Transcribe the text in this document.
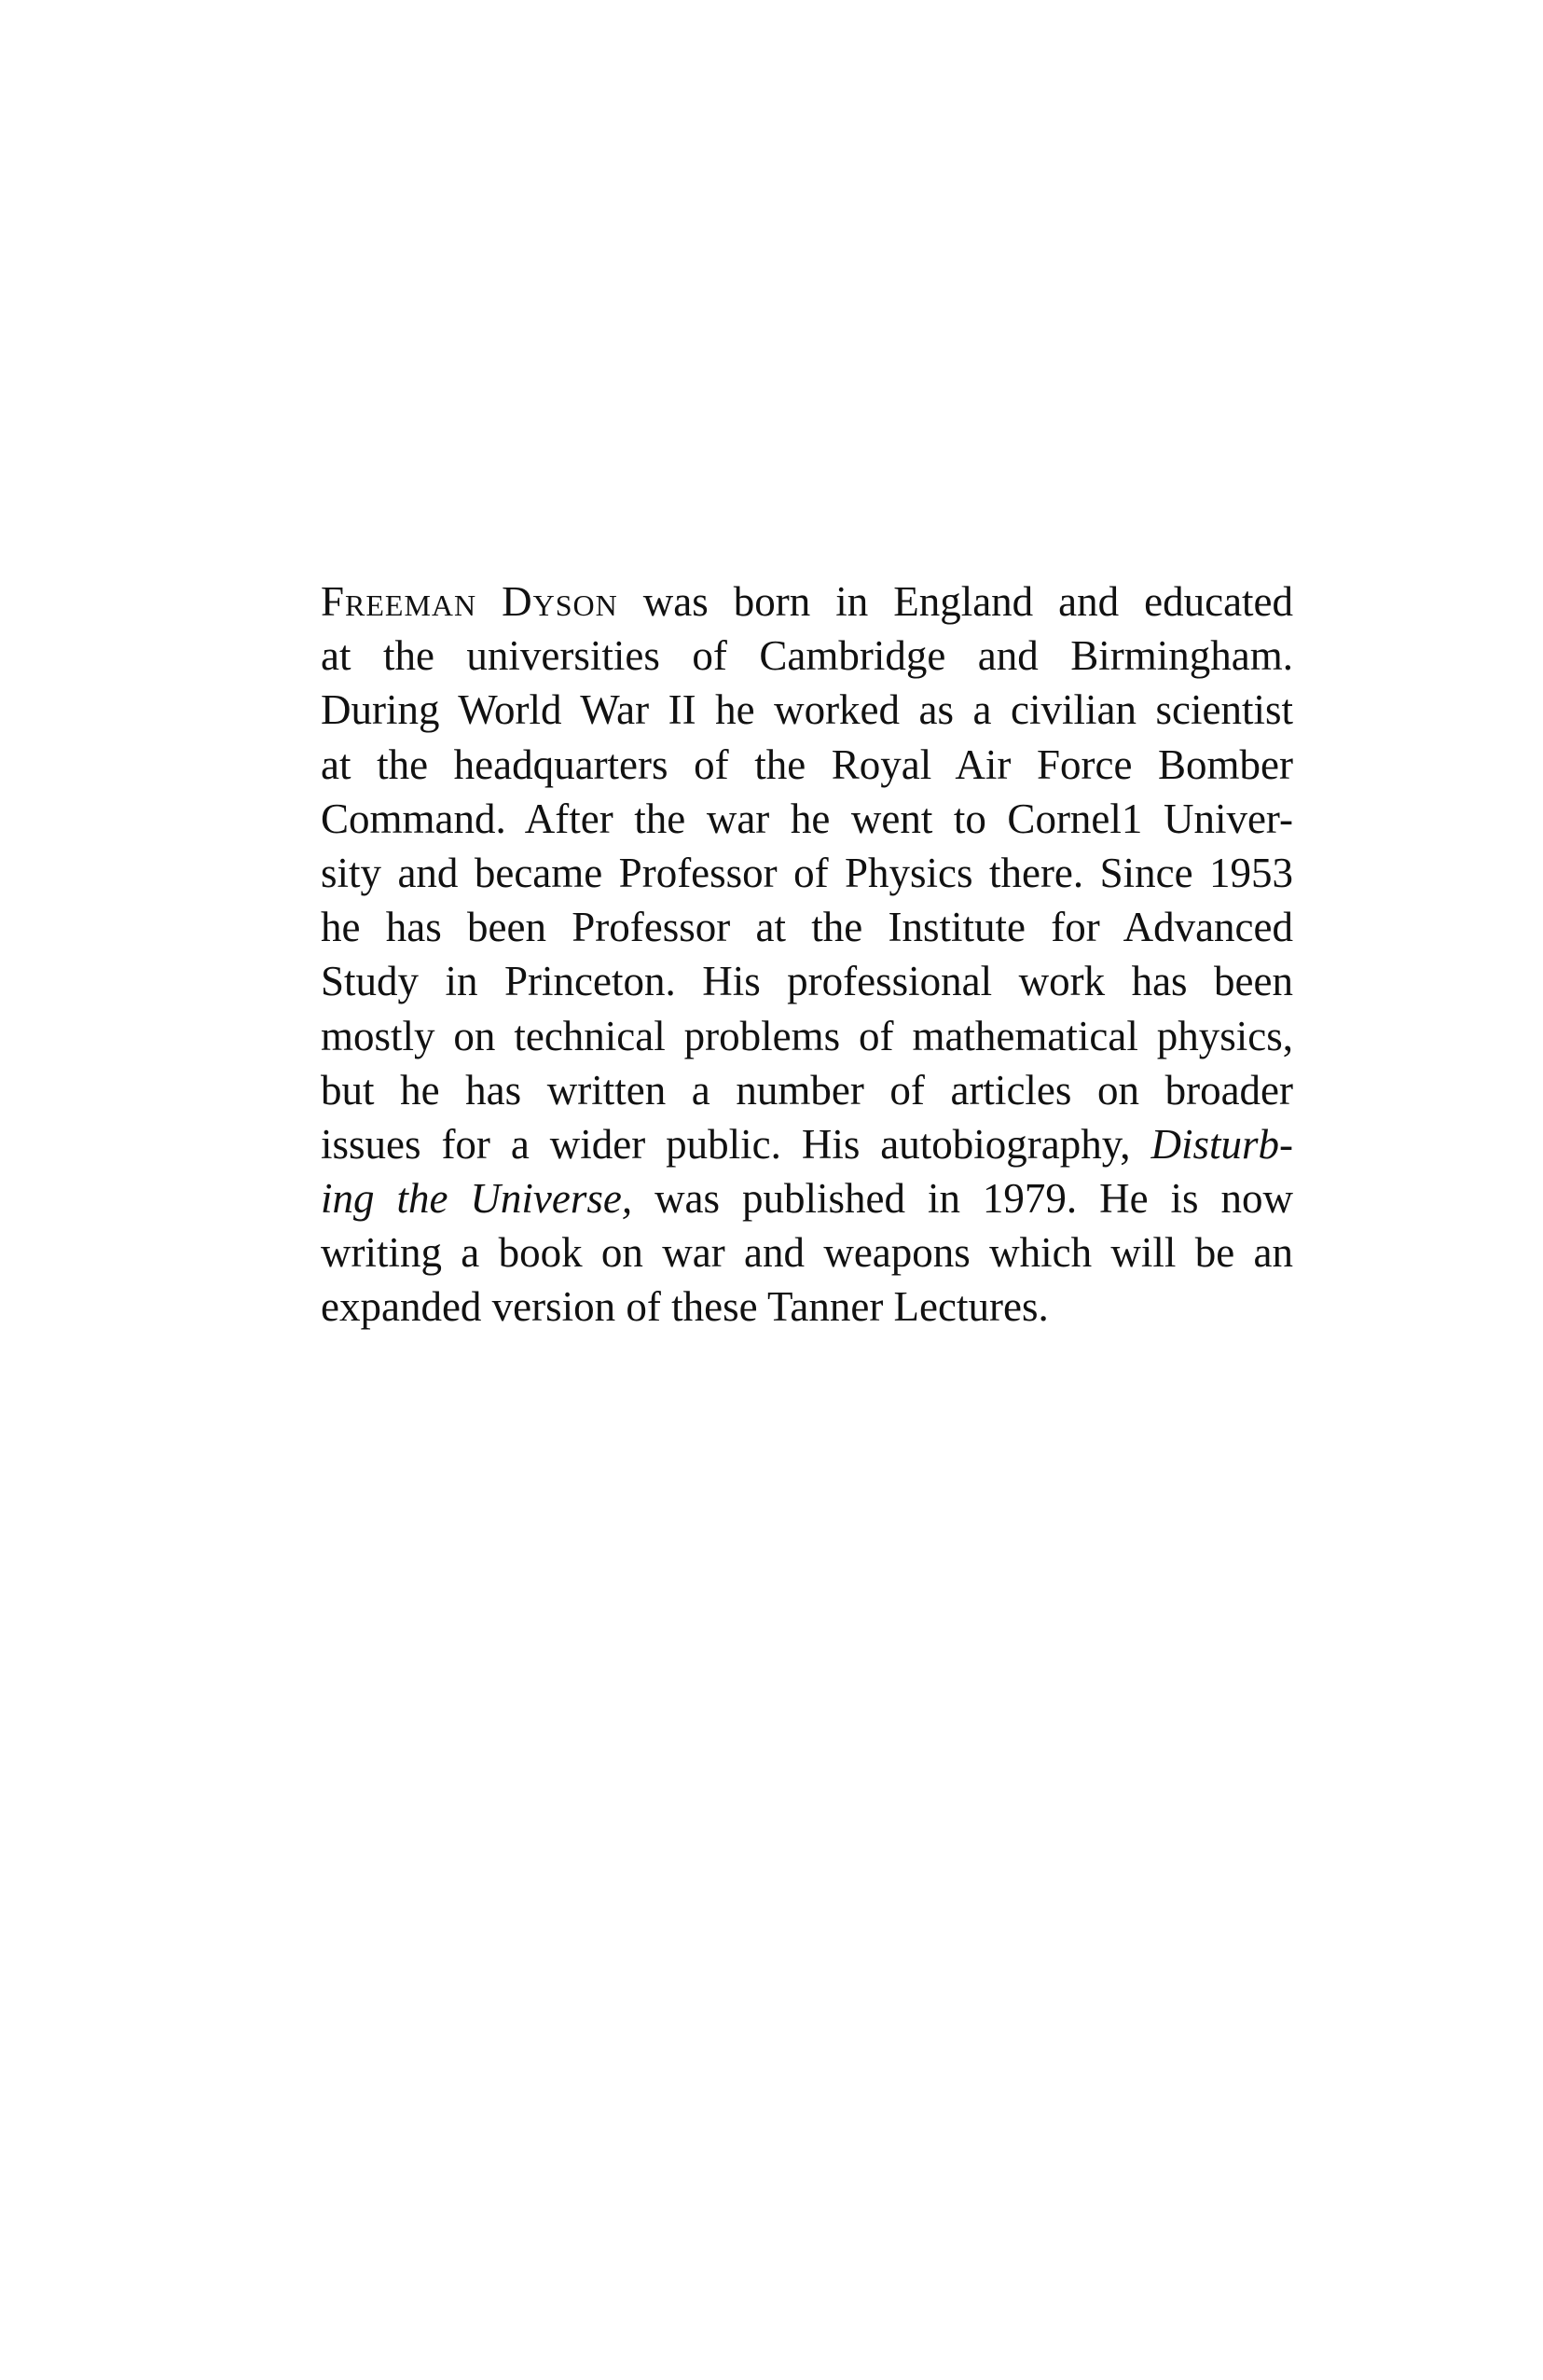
Freeman Dyson was born in England and educated
at the universities of Cambridge and Birmingham.
During World War II he worked as a civilian scientist
at the headquarters of the Royal Air Force Bomber
Command. After the war he went to Cornel1 Univer-
sity and became Professor of Physics there. Since 1953
he has been Professor at the Institute for Advanced
Study in Princeton. His professional work has been
mostly on technical problems of mathematical physics,
but he has written a number of articles on broader
issues for a wider public. His autobiography, Disturb-
ing the Universe, was published in 1979. He is now
writing a book on war and weapons which will be an
expanded version of these Tanner Lectures.
